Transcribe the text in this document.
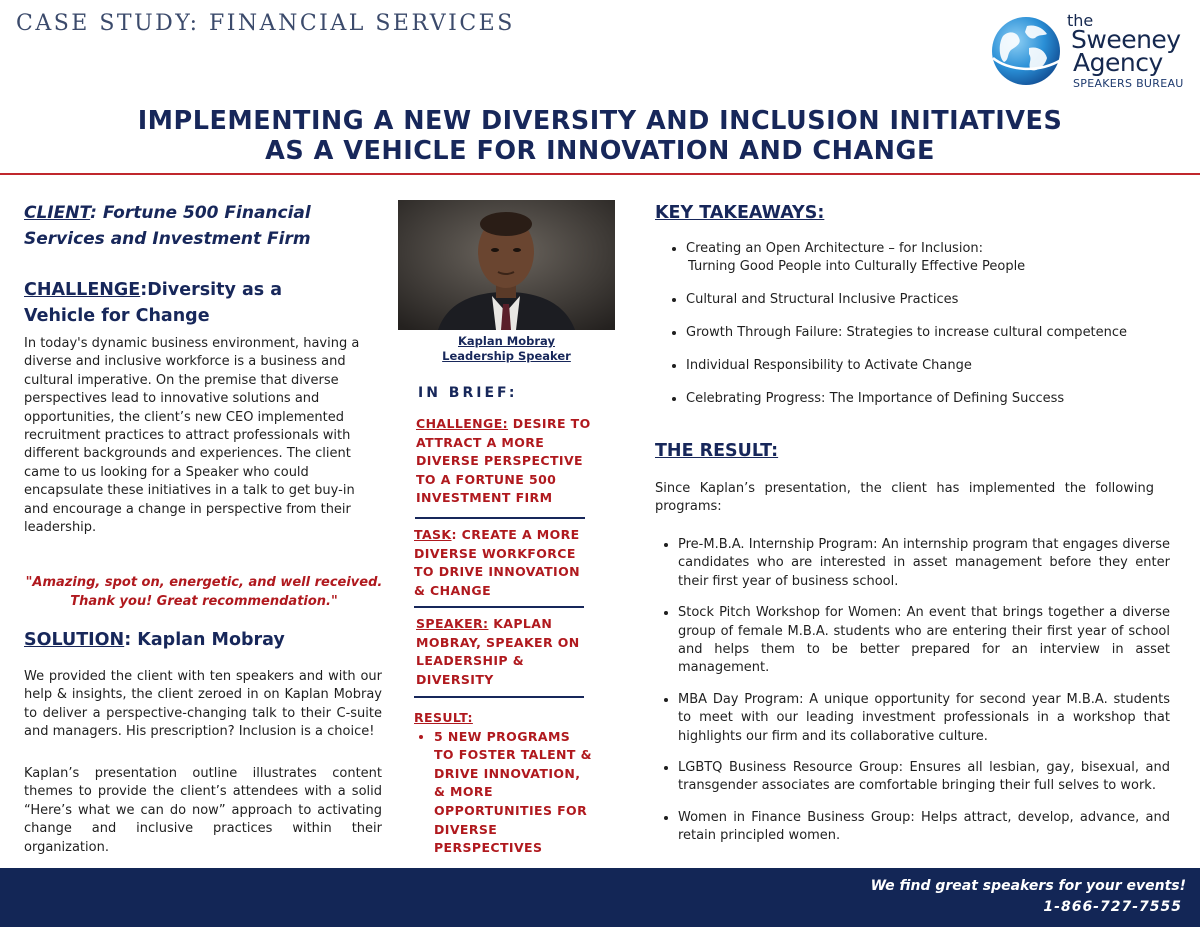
CASE STUDY: FINANCIAL SERVICES	the
Sweeney
Agency
SPEAKERS BUREAU
IMPLEMENTING A NEW DIVERSITY AND INCLUSION INITIATIVES
AS A VEHICLE FOR INNOVATION AND CHANGE
CLIENT: Fortune 500 Financial Services and Investment Firm
CHALLENGE:Diversity as a Vehicle for Change
In today's dynamic business environment, having a diverse and inclusive workforce is a business and cultural imperative. On the premise that diverse perspectives lead to innovative solutions and opportunities, the client’s new CEO implemented recruitment practices to attract professionals with different backgrounds and experiences. The client came to us looking for a Speaker who could encapsulate these initiatives in a talk to get buy-in and encourage a change in perspective from their leadership.
"Amazing, spot on, energetic, and well received. Thank you! Great recommendation."
SOLUTION: Kaplan Mobray
We provided the client with ten speakers and with our help & insights, the client zeroed in on Kaplan Mobray to deliver a perspective-changing talk to their C-suite and managers. His prescription? Inclusion is a choice!
Kaplan’s presentation outline illustrates content themes to provide the client’s attendees with a solid “Here’s what we can do now” approach to activating change and inclusive practices within their organization.
Kaplan Mobray
Leadership Speaker
IN BRIEF:
CHALLENGE: DESIRE TO ATTRACT A MORE DIVERSE PERSPECTIVE TO A FORTUNE 500 INVESTMENT FIRM
TASK: CREATE A MORE DIVERSE WORKFORCE TO DRIVE INNOVATION & CHANGE
SPEAKER: KAPLAN MOBRAY, SPEAKER ON LEADERSHIP & DIVERSITY
RESULT:
• 5 NEW PROGRAMS TO FOSTER TALENT & DRIVE INNOVATION, & MORE OPPORTUNITIES FOR DIVERSE PERSPECTIVES
KEY TAKEAWAYS:
• Creating an Open Architecture – for Inclusion:
Turning Good People into Culturally Effective People
• Cultural and Structural Inclusive Practices
• Growth Through Failure: Strategies to increase cultural competence
• Individual Responsibility to Activate Change
• Celebrating Progress: The Importance of Defining Success
THE RESULT:
Since Kaplan’s presentation, the client has implemented the following programs:
• Pre-M.B.A. Internship Program: An internship program that engages diverse candidates who are interested in asset management before they enter their first year of business school.
• Stock Pitch Workshop for Women: An event that brings together a diverse group of female M.B.A. students who are entering their first year of school and helps them to be better prepared for an interview in asset management.
• MBA Day Program: A unique opportunity for second year M.B.A. students to meet with our leading investment professionals in a workshop that highlights our firm and its collaborative culture.
• LGBTQ Business Resource Group: Ensures all lesbian, gay, bisexual, and transgender associates are comfortable bringing their full selves to work.
• Women in Finance Business Group: Helps attract, develop, advance, and retain principled women.
We find great speakers for your events!
1-866-727-7555
